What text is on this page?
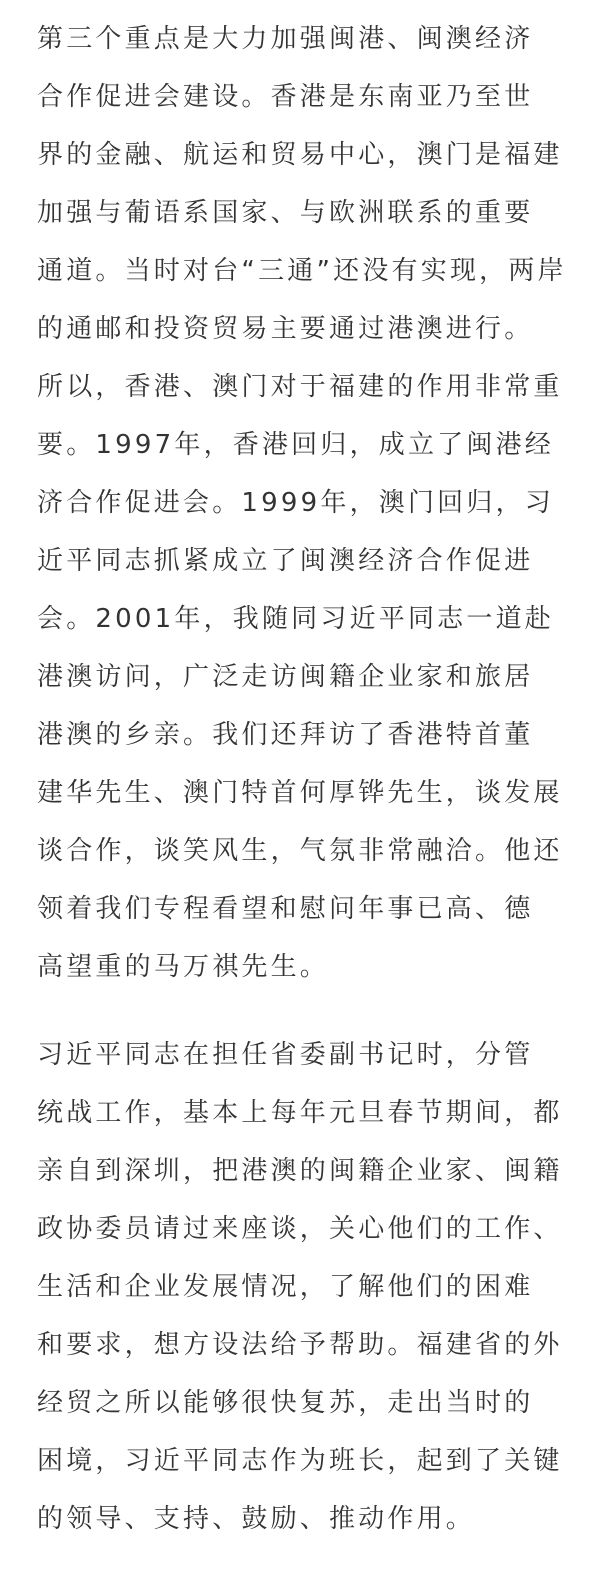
第三个重点是大力加强闽港、闽澳经济
合作促进会建设。香港是东南亚乃至世
界的金融、航运和贸易中心，澳门是福建
加强与葡语系国家、与欧洲联系的重要
通道。当时对台“三通”还没有实现，两岸
的通邮和投资贸易主要通过港澳进行。
所以，香港、澳门对于福建的作用非常重
要。1997年，香港回归，成立了闽港经
济合作促进会。1999年，澳门回归，习
近平同志抓紧成立了闽澳经济合作促进
会。2001年，我随同习近平同志一道赴
港澳访问，广泛走访闽籍企业家和旅居
港澳的乡亲。我们还拜访了香港特首董
建华先生、澳门特首何厚铧先生，谈发展
谈合作，谈笑风生，气氛非常融洽。他还
领着我们专程看望和慰问年事已高、德
高望重的马万祺先生。
习近平同志在担任省委副书记时，分管
统战工作，基本上每年元旦春节期间，都
亲自到深圳，把港澳的闽籍企业家、闽籍
政协委员请过来座谈，关心他们的工作、
生活和企业发展情况，了解他们的困难
和要求，想方设法给予帮助。福建省的外
经贸之所以能够很快复苏，走出当时的
困境，习近平同志作为班长，起到了关键
的领导、支持、鼓励、推动作用。
